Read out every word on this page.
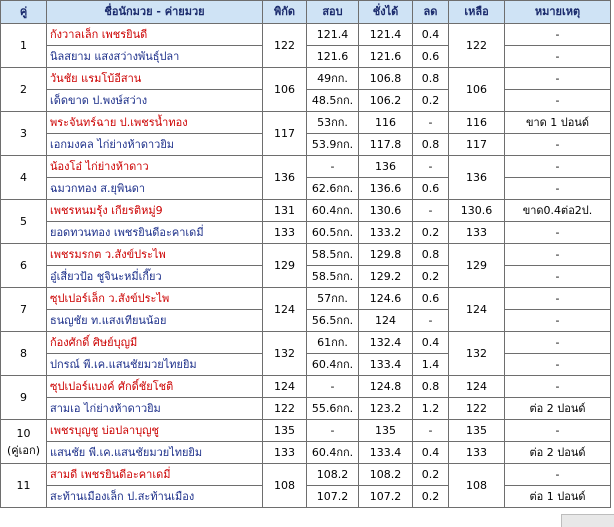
คู่	ชื่อนักมวย - ค่ายมวย	พิกัด	สอบ	ชั่งได้	ลด	เหลือ	หมายเหตุ

1	กังวาลเล็ก เพชรยินดี	122	121.4	121.4	0.4	122	-
	นิลสยาม แสงสว่างพันธ์ุปลา		121.6	121.6	0.6		-

2	วันชัย แรมโบ้อีสาน	106	49กก.	106.8	0.8	106	-
	เด็ดขาด ป.พงษ์สว่าง		48.5กก.	106.2	0.2		-

3	พระจันทร์ฉาย ป.เพชรน้ำทอง	117	53กก.	116	-	116	ขาด 1 ปอนด์
	เอกมงคล ไก่ย่างห้าดาวยิม		53.9กก.	117.8	0.8	117	-

4	น้องโอ๋ ไก่ย่างห้าดาว	136	-	136	-	136	-
	ฉมวกทอง ส.ยุพินดา		62.6กก.	136.6	0.6		-

5	เพชรหนมรุ้ง เกียรติหมู่9	131	60.4กก.	130.6	-	130.6	ขาด0.4ต่อ2ป.
	ยอดทวนทอง เพชรยินดีอะคาเดมี่	133	60.5กก.	133.2	0.2	133	-

6	เพชรมรกต ว.สังข์ประไพ	129	58.5กก.	129.8	0.8	129	-
	อู๋เสี่ยวป้อ ชูจินะหมี่เกี๊ยว		58.5กก.	129.2	0.2		-

7	ซุปเปอร์เล็ก ว.สังข์ประไพ	124	57กก.	124.6	0.6	124	-
	ธนญชัย ท.แสงเทียนน้อย		56.5กก.	124	-		-

8	ก้องศักดิ์ ศิษย์บุญมี	132	61กก.	132.4	0.4	132	-
	ปกรณ์ พี.เค.แสนชัยมวยไทยยิม		60.4กก.	133.4	1.4		-

9	ซุปเปอร์แบงค์ ศักดิ์ชัยโชติ	124	-	124.8	0.8	124	-
	สามเอ ไก่ย่างห้าดาวยิม	122	55.6กก.	123.2	1.2	122	ต่อ 2 ปอนด์

10
(คู่เอก)	เพชรบุญชู บ่อปลาบุญชู	135	-	135	-	135	-
	แสนชัย พี.เค.แสนชัยมวยไทยยิม	133	60.4กก.	133.4	0.4	133	ต่อ 2 ปอนด์

11	สามดี เพชรยินดีอะคาเดมี่	108	108.2	108.2	0.2	108	-
	สะท้านเมืองเล็ก ป.สะท้านเมือง		107.2	107.2	0.2		ต่อ 1 ปอนด์
